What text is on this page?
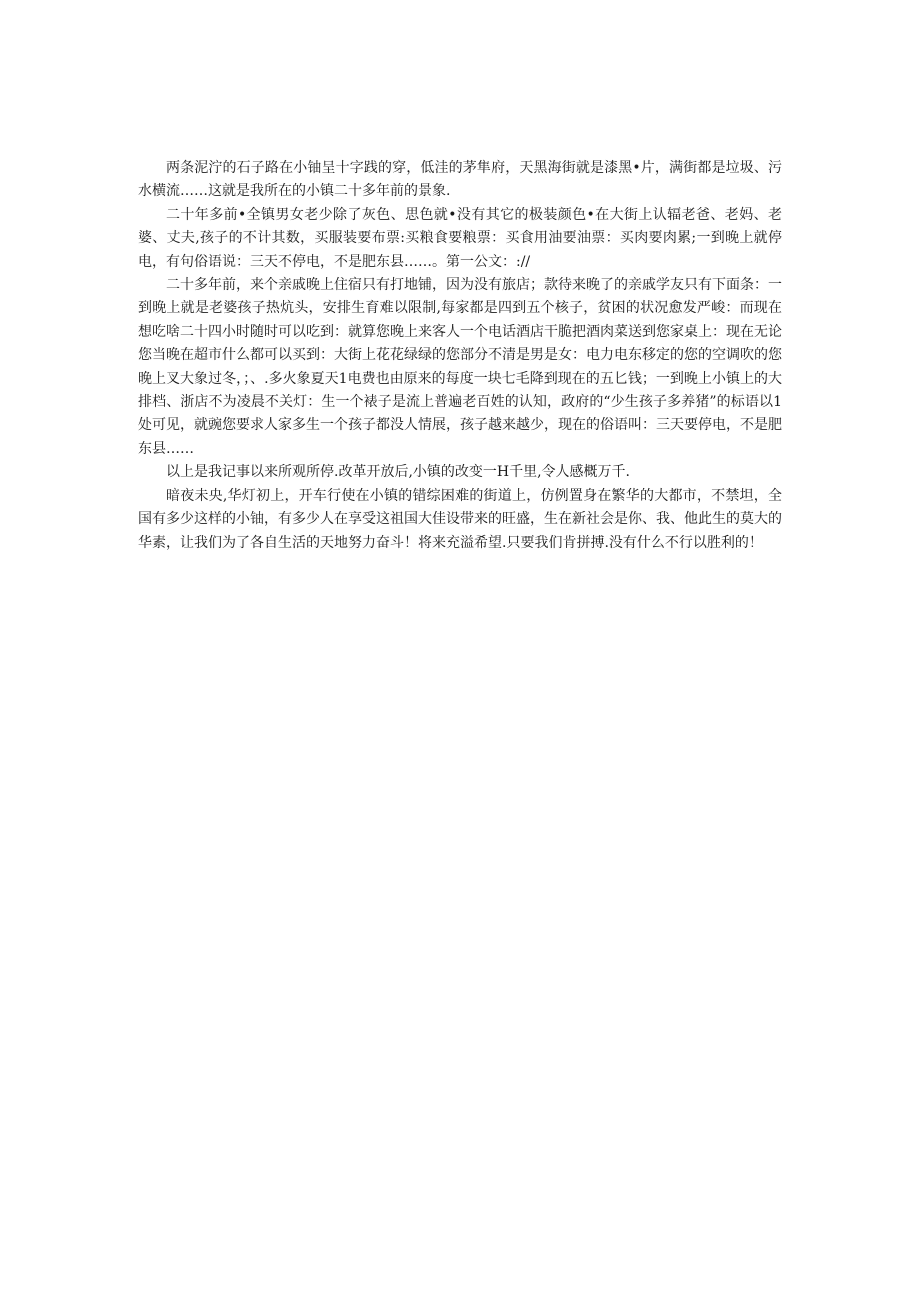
两条泥泞的石子路在小铀呈十字践的穿，低洼的茅隼府，天黑海街就是漆黑•片，满街都是垃圾、污水横流……这就是我所在的小镇二十多年前的景象.

二十年多前•全镇男女老少除了灰色、思色就•没有其它的极装颜色•在大街上认辐老爸、老妈、老婆、丈夫,孩子的不计其数，买服装要布票:买粮食要粮票：买食用油要油票：买肉要肉累;一到晚上就停电，有句俗语说：三天不停电，不是肥东县……。第一公文：://

二十多年前，来个亲戚晚上住宿只有打地铺，因为没有旅店；款待来晚了的亲戚学友只有下面条：一到晚上就是老婆孩子热炕头，安排生育难以限制,每家都是四到五个核子，贫困的状况愈发严峻：而现在想吃啥二十四小时随时可以吃到：就算您晚上来客人一个电话酒店干脆把酒肉菜送到您家桌上：现在无论您当晚在超市什么都可以买到：大街上花花绿绿的您部分不清是男是女：电力电东移定的您的空调吹的您晚上叉大象过冬，；、.多火象夏天1电费也由原来的每度一块七毛降到现在的五匕钱；一到晚上小镇上的大排档、浙店不为凌晨不关灯：生一个裱子是流上普遍老百姓的认知，政府的“少生孩子多养猪”的标语以1处可见，就豌您要求人家多生一个孩子都没人情展，孩子越来越少，现在的俗语叫：三天要停电，不是肥东县……

以上是我记事以来所观所停.改革开放后,小镇的改变一H千里,令人感概万千.

暗夜未央,华灯初上，开车行使在小镇的错综困难的街道上，仿例置身在繁华的大都市，不禁坦，全国有多少这样的小铀，有多少人在享受这祖国大佳设带来的旺盛，生在新社会是你、我、他此生的莫大的华素，让我们为了各自生活的天地努力奋斗！将来充溢希望.只要我们肯拼搏.没有什么不行以胜利的！
